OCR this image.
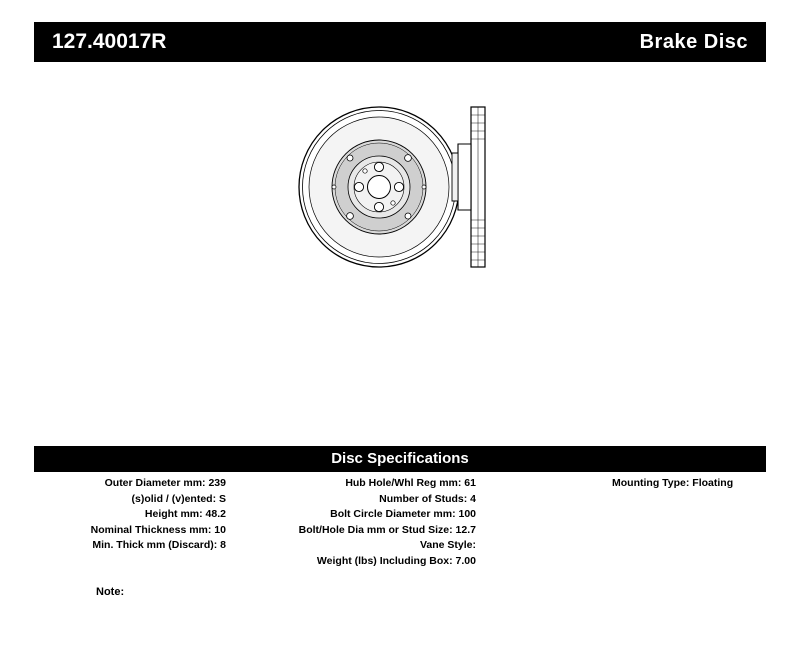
127.40017R	Brake Disc
Disc Specifications
Outer Diameter mm: 239
(s)olid / (v)ented: S
Height mm: 48.2
Nominal Thickness mm: 10
Min. Thick mm (Discard): 8
Hub Hole/Whl Reg mm: 61
Number of Studs: 4
Bolt Circle Diameter mm: 100
Bolt/Hole Dia mm or Stud Size: 12.7
Vane Style:
Weight (lbs) Including Box: 7.00
Mounting Type: Floating
Note:
